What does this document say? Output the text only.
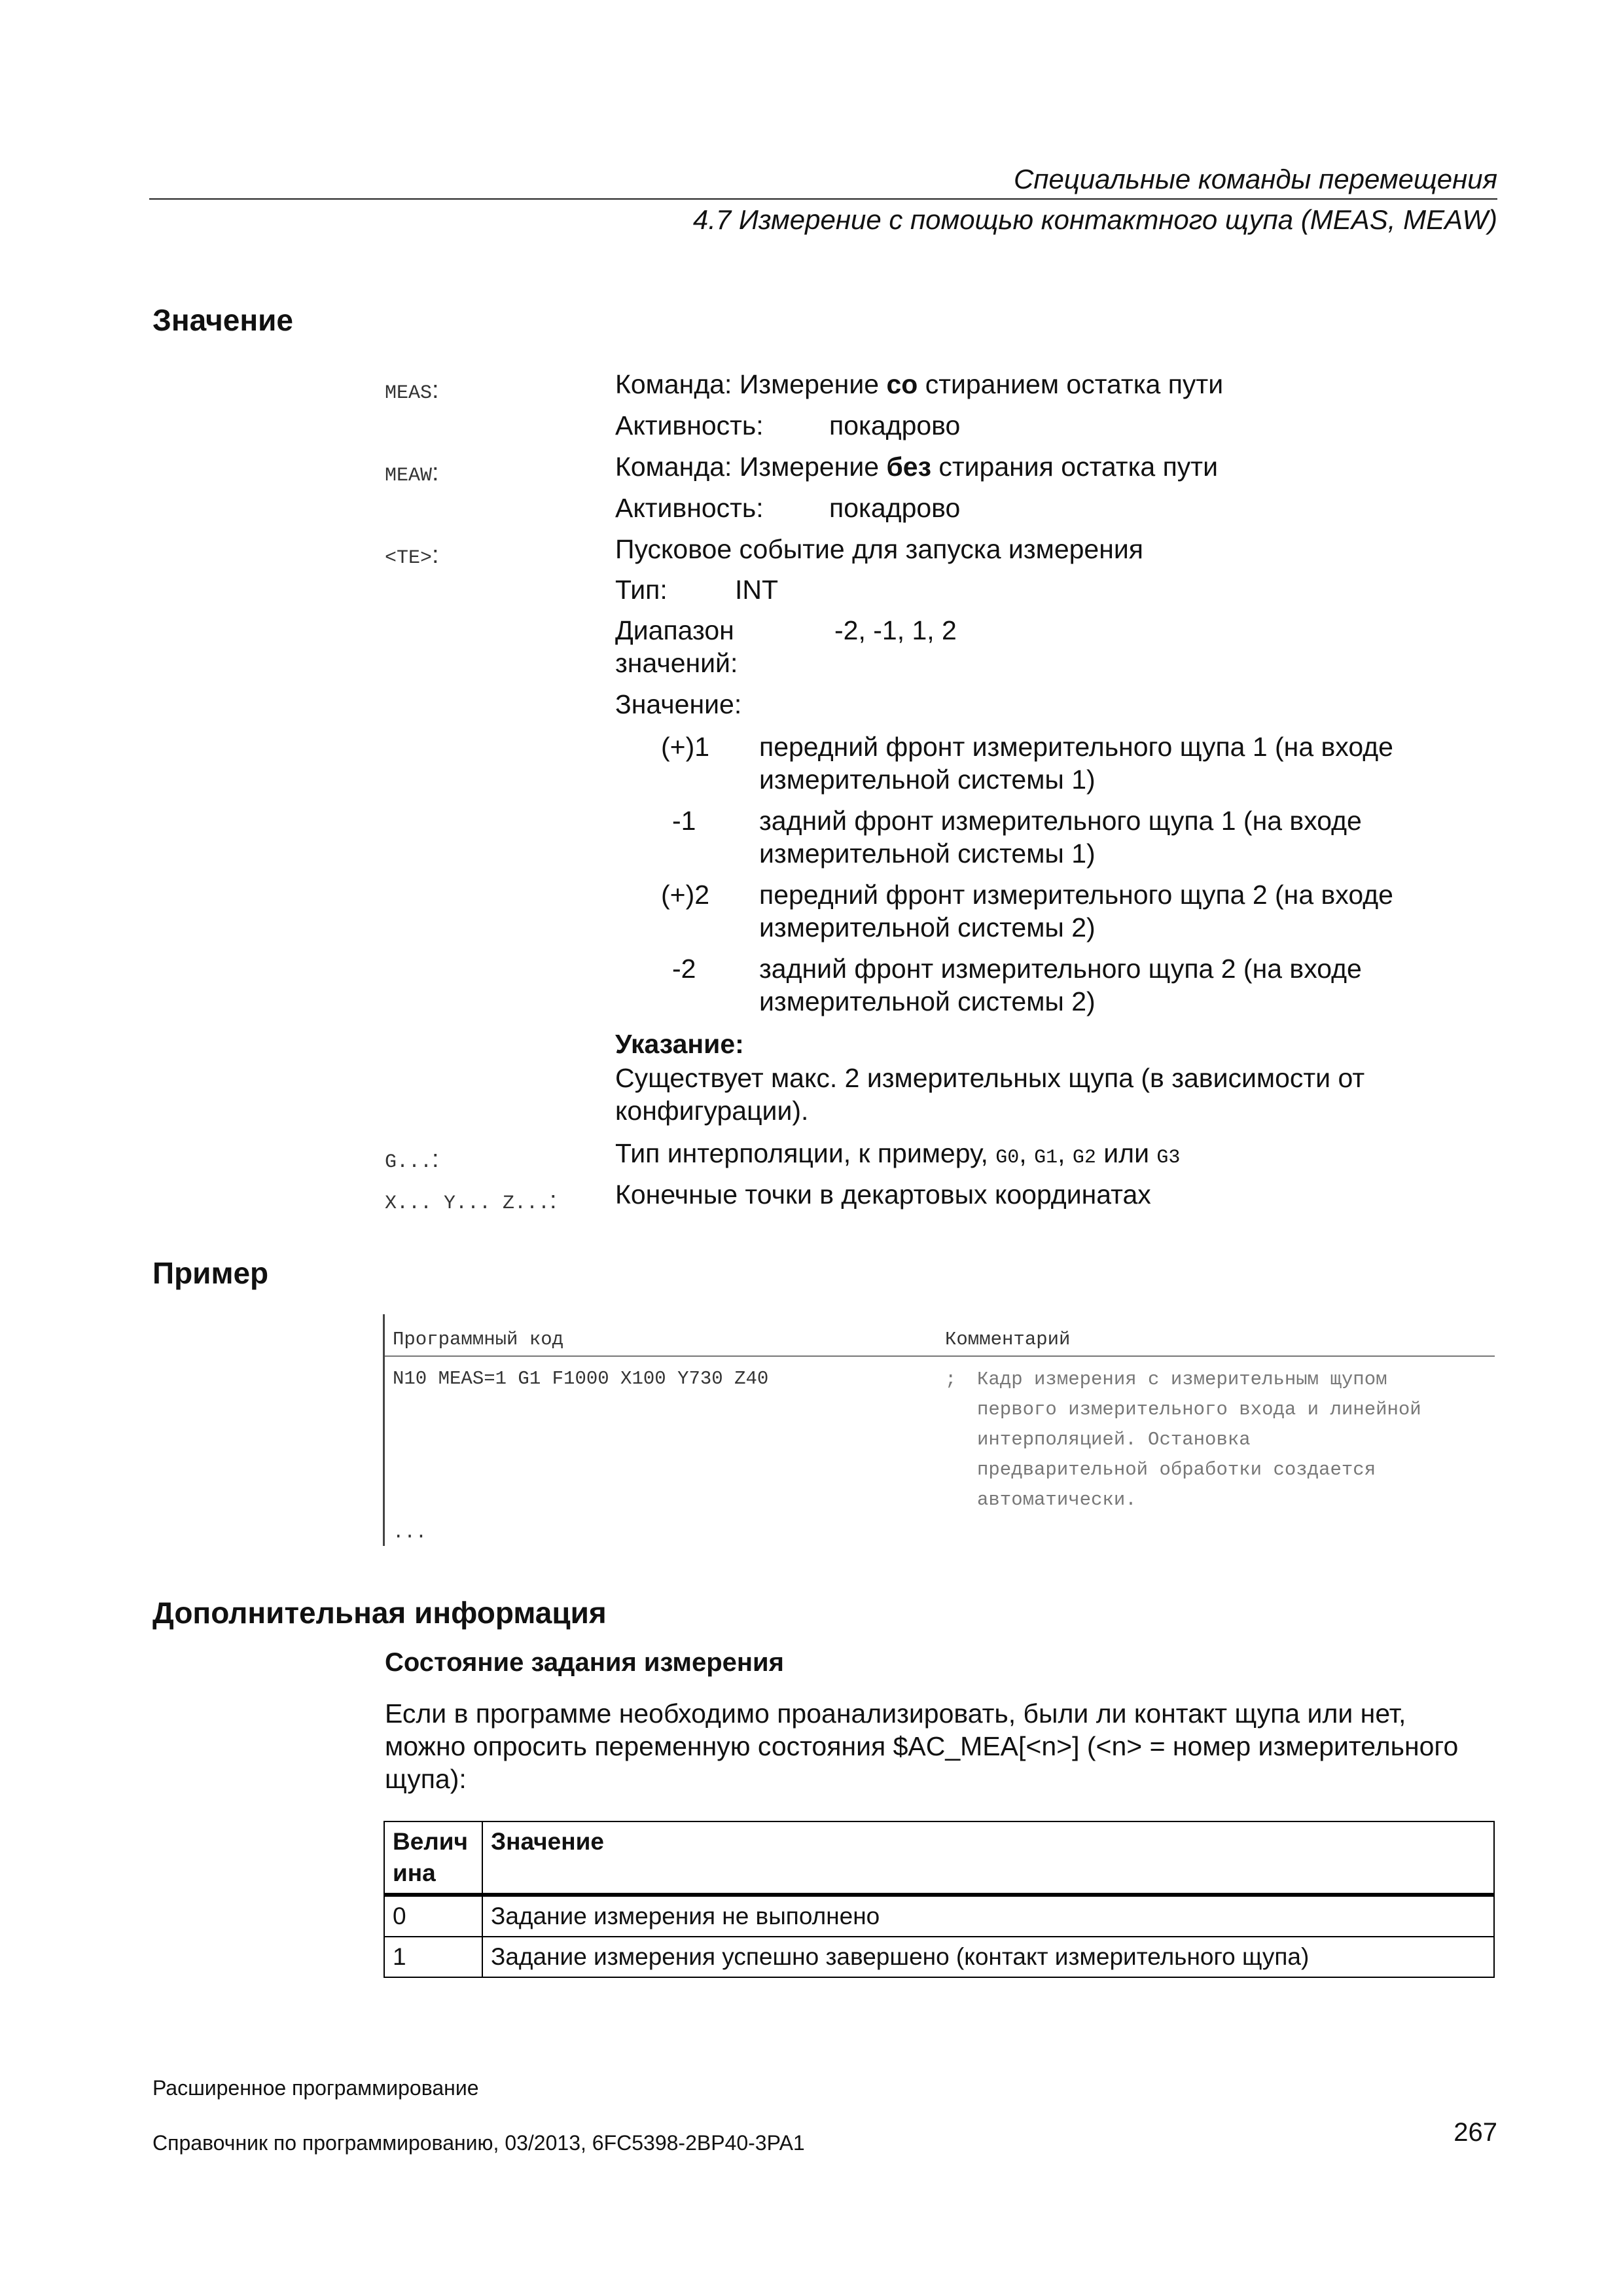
Специальные команды перемещения
4.7 Измерение с помощью контактного щупа (MEAS, MEAW)
Значение
MEAS:	Команда: Измерение со стиранием остатка пути
Активность: покадрово
MEAW:	Команда: Измерение без стирания остатка пути
Активность: покадрово
<TE>:	Пусковое событие для запуска измерения
Тип:	INT
Диапазон
значений:
-2, -1, 1, 2
Значение:
(+)1 передний фронт измерительного щупа 1 (на входе
измерительной системы 1)
-1 задний фронт измерительного щупа 1 (на входе
измерительной системы 1)
(+)2 передний фронт измерительного щупа 2 (на входе
измерительной системы 2)
-2 задний фронт измерительного щупа 2 (на входе
измерительной системы 2)
Указание:
Существует макс. 2 измерительных щупа (в зависимости от
конфигурации).
G...:	Тип интерполяции, к примеру, G0, G1, G2 или G3
X... Y... Z...: Конечные точки в декартовых координатах
Пример
Программный код	Комментарий
N10 MEAS=1 G1 F1000 X100 Y730 Z40	; Кадр измерения с измерительным щупом
первого измерительного входа и линейной
интерполяцией. Остановка
предварительной обработки создается
автоматически.
...
Дополнительная информация
Состояние задания измерения
Если в программе необходимо проанализировать, были ли контакт щупа или нет,
можно опросить переменную состояния $AC_MEA[<n>] (<n> = номер измерительного
щупа):
Велич
ина	Значение
0	Задание измерения не выполнено
1	Задание измерения успешно завершено (контакт измерительного щупа)
Расширенное программирование
Справочник по программированию, 03/2013, 6FC5398-2BP40-3PA1	267
